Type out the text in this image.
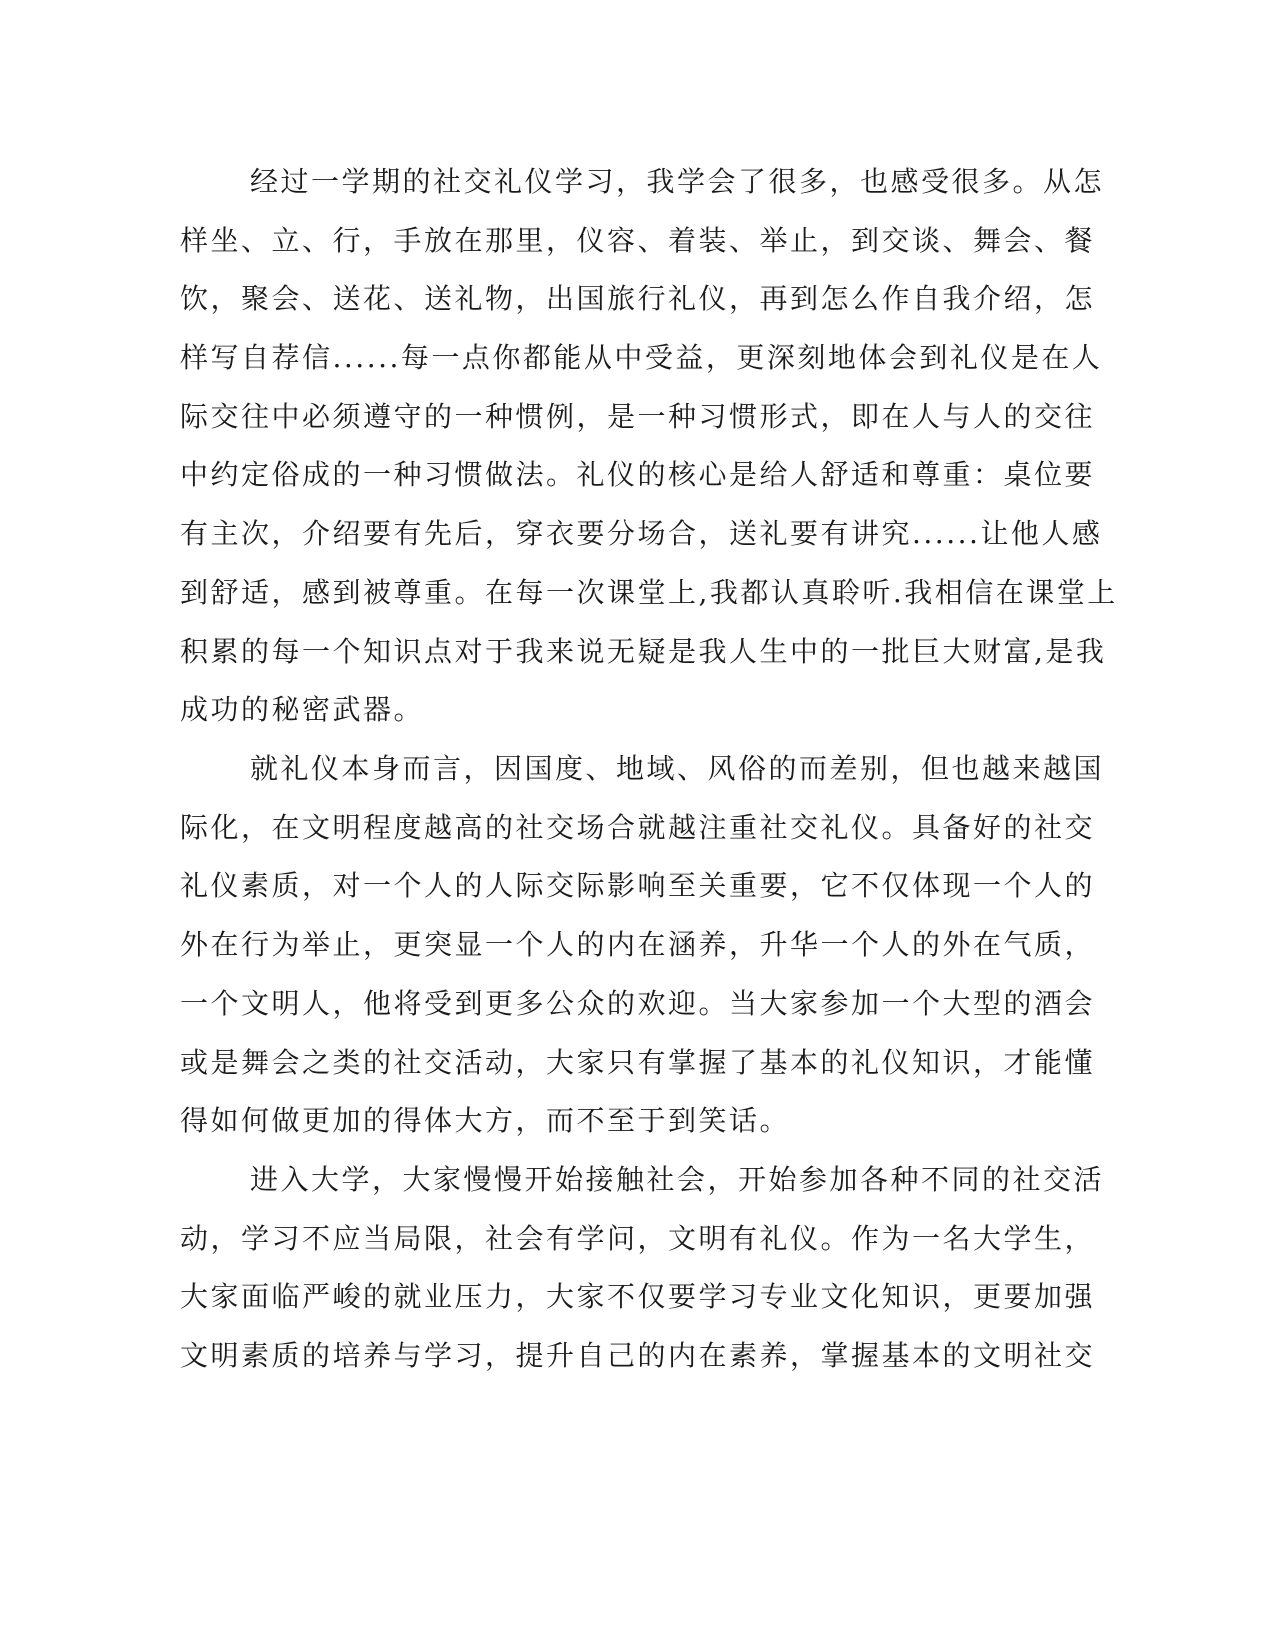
经过一学期的社交礼仪学习，我学会了很多，也感受很多。从怎
样坐、立、行，手放在那里，仪容、着装、举止，到交谈、舞会、餐
饮，聚会、送花、送礼物，出国旅行礼仪，再到怎么作自我介绍，怎
样写自荐信......每一点你都能从中受益，更深刻地体会到礼仪是在人
际交往中必须遵守的一种惯例，是一种习惯形式，即在人与人的交往
中约定俗成的一种习惯做法。礼仪的核心是给人舒适和尊重：桌位要
有主次，介绍要有先后，穿衣要分场合，送礼要有讲究......让他人感
到舒适，感到被尊重。在每一次课堂上,我都认真聆听.我相信在课堂上
积累的每一个知识点对于我来说无疑是我人生中的一批巨大财富,是我
成功的秘密武器。
就礼仪本身而言，因国度、地域、风俗的而差别，但也越来越国
际化，在文明程度越高的社交场合就越注重社交礼仪。具备好的社交
礼仪素质，对一个人的人际交际影响至关重要，它不仅体现一个人的
外在行为举止，更突显一个人的内在涵养，升华一个人的外在气质，
一个文明人，他将受到更多公众的欢迎。当大家参加一个大型的酒会
或是舞会之类的社交活动，大家只有掌握了基本的礼仪知识，才能懂
得如何做更加的得体大方，而不至于到笑话。
进入大学，大家慢慢开始接触社会，开始参加各种不同的社交活
动，学习不应当局限，社会有学问，文明有礼仪。作为一名大学生，
大家面临严峻的就业压力，大家不仅要学习专业文化知识，更要加强
文明素质的培养与学习，提升自己的内在素养，掌握基本的文明社交
